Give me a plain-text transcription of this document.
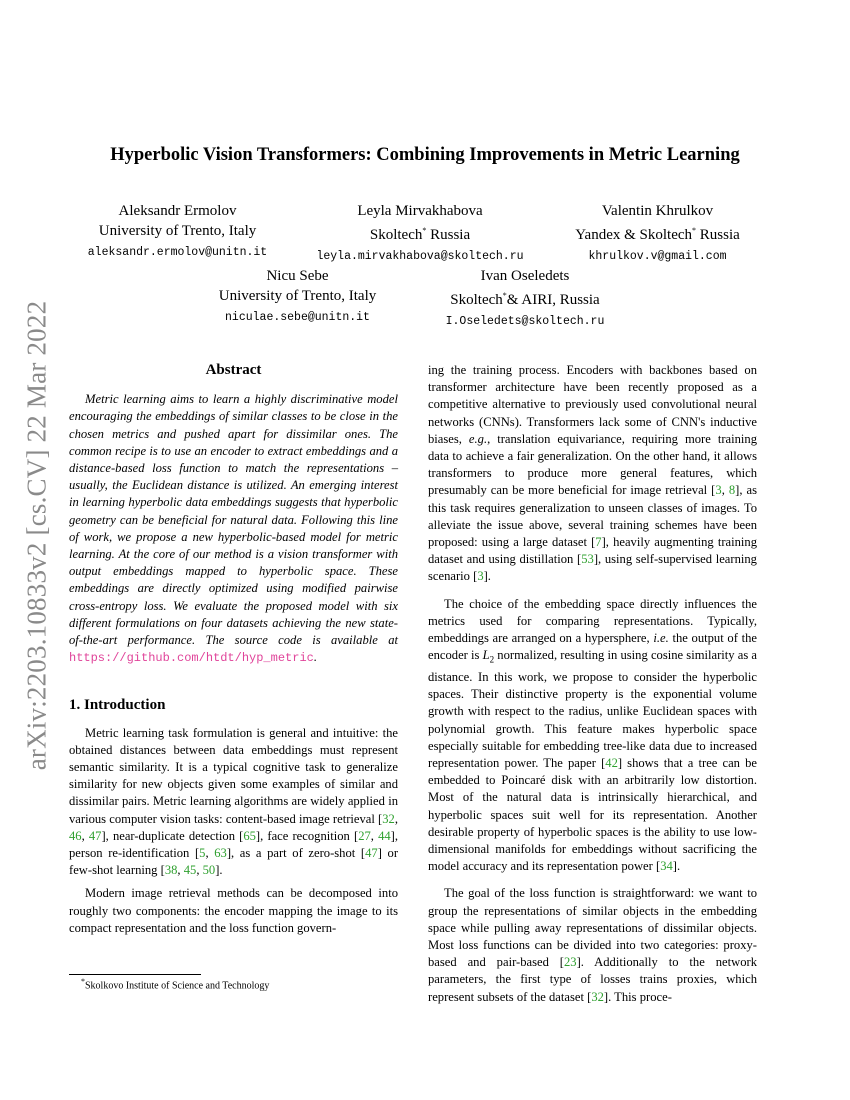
arXiv:2203.10833v2 [cs.CV] 22 Mar 2022
Hyperbolic Vision Transformers: Combining Improvements in Metric Learning
Aleksandr Ermolov
University of Trento, Italy
aleksandr.ermolov@unitn.it
Leyla Mirvakhabova
Skoltech* Russia
leyla.mirvakhabova@skoltech.ru
Valentin Khrulkov
Yandex & Skoltech* Russia
khrulkov.v@gmail.com
Nicu Sebe
University of Trento, Italy
niculae.sebe@unitn.it
Ivan Oseledets
Skoltech*& AIRI, Russia
I.Oseledets@skoltech.ru
Abstract

Metric learning aims to learn a highly discriminative model encouraging the embeddings of similar classes to be close in the chosen metrics and pushed apart for dissimilar ones. The common recipe is to use an encoder to extract embeddings and a distance-based loss function to match the representations – usually, the Euclidean distance is utilized. An emerging interest in learning hyperbolic data embeddings suggests that hyperbolic geometry can be beneficial for natural data. Following this line of work, we propose a new hyperbolic-based model for metric learning. At the core of our method is a vision transformer with output embeddings mapped to hyperbolic space. These embeddings are directly optimized using modified pairwise cross-entropy loss. We evaluate the proposed model with six different formulations on four datasets achieving the new state-of-the-art performance. The source code is available at https://github.com/htdt/hyp_metric.

1. Introduction

Metric learning task formulation is general and intuitive: the obtained distances between data embeddings must represent semantic similarity. It is a typical cognitive task to generalize similarity for new objects given some examples of similar and dissimilar pairs. Metric learning algorithms are widely applied in various computer vision tasks: content-based image retrieval [32, 46, 47], near-duplicate detection [65], face recognition [27, 44], person re-identification [5, 63], as a part of zero-shot [47] or few-shot learning [38, 45, 50].

Modern image retrieval methods can be decomposed into roughly two components: the encoder mapping the image to its compact representation and the loss function govern-

ing the training process. Encoders with backbones based on transformer architecture have been recently proposed as a competitive alternative to previously used convolutional neural networks (CNNs). Transformers lack some of CNN's inductive biases, e.g., translation equivariance, requiring more training data to achieve a fair generalization. On the other hand, it allows transformers to produce more general features, which presumably can be more beneficial for image retrieval [3, 8], as this task requires generalization to unseen classes of images. To alleviate the issue above, several training schemes have been proposed: using a large dataset [7], heavily augmenting training dataset and using distillation [53], using self-supervised learning scenario [3].

The choice of the embedding space directly influences the metrics used for comparing representations. Typically, embeddings are arranged on a hypersphere, i.e. the output of the encoder is $L_2$ normalized, resulting in using cosine similarity as a distance. In this work, we propose to consider the hyperbolic spaces. Their distinctive property is the exponential volume growth with respect to the radius, unlike Euclidean spaces with polynomial growth. This feature makes hyperbolic space especially suitable for embedding tree-like data due to increased representation power. The paper [42] shows that a tree can be embedded to Poincaré disk with an arbitrarily low distortion. Most of the natural data is intrinsically hierarchical, and hyperbolic spaces suit well for its representation. Another desirable property of hyperbolic spaces is the ability to use low-dimensional manifolds for embeddings without sacrificing the model accuracy and its representation power [34].

The goal of the loss function is straightforward: we want to group the representations of similar objects in the embedding space while pulling away representations of dissimilar objects. Most loss functions can be divided into two categories: proxy-based and pair-based [23]. Additionally to the network parameters, the first type of losses trains proxies, which represent subsets of the dataset [32]. This proce-

*Skolkovo Institute of Science and Technology
